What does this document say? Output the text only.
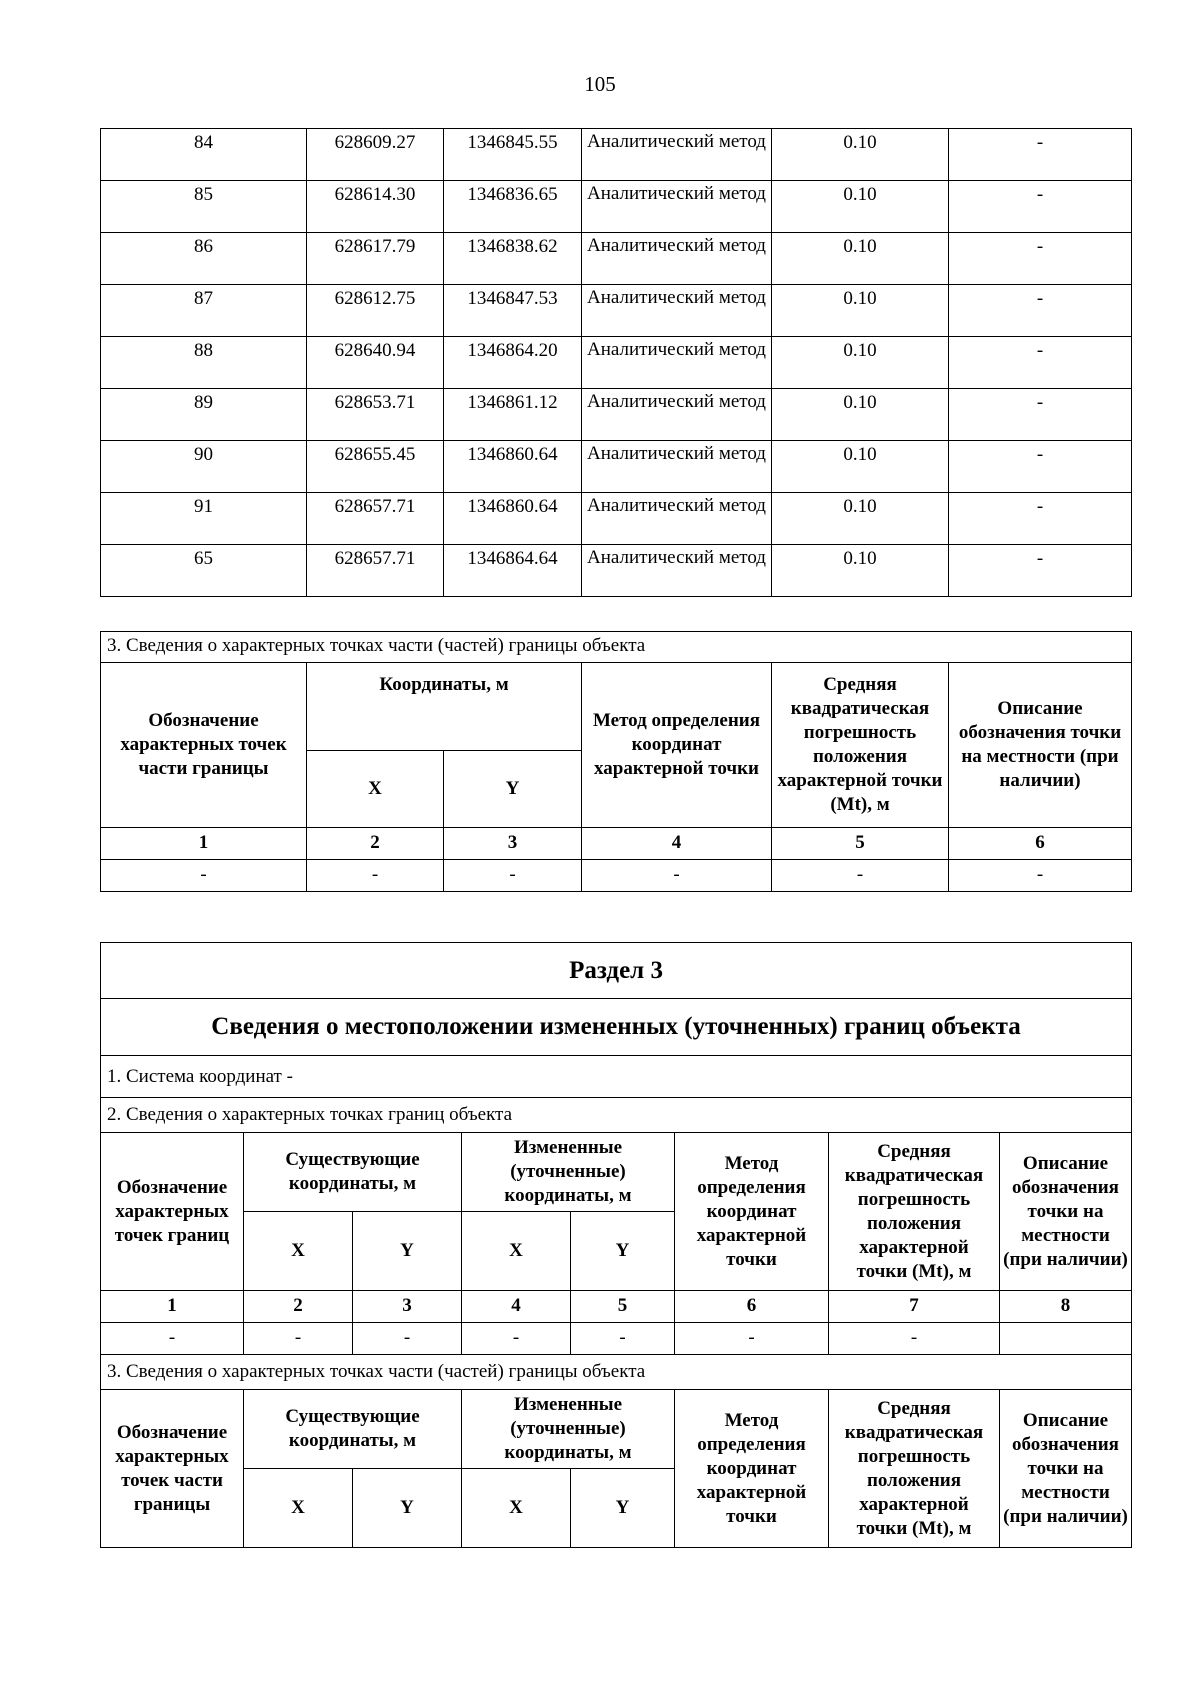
105
84	628609.27	1346845.55	Аналитический метод	0.10	-
85	628614.30	1346836.65	Аналитический метод	0.10	-
86	628617.79	1346838.62	Аналитический метод	0.10	-
87	628612.75	1346847.53	Аналитический метод	0.10	-
88	628640.94	1346864.20	Аналитический метод	0.10	-
89	628653.71	1346861.12	Аналитический метод	0.10	-
90	628655.45	1346860.64	Аналитический метод	0.10	-
91	628657.71	1346860.64	Аналитический метод	0.10	-
65	628657.71	1346864.64	Аналитический метод	0.10	-
3. Сведения о характерных точках части (частей) границы объекта					
Обозначение характерных точек части границы	Координаты, м		Метод определения координат характерной точки	Средняя квадратическая погрешность положения характерной точки (Mt), м	Описание обозначения точки на местности (при наличии)
	X	Y			
1	2	3	4	5	6
-	-	-	-	-	-
Раздел 3							
Сведения о местоположении измененных (уточненных) границ объекта							
1. Система координат -							
2. Сведения о характерных точках границ объекта							
Обозначение характерных точек границ	Существующие координаты, м		Измененные (уточненные) координаты, м		Метод определения координат характерной точки	Средняя квадратическая погрешность положения характерной точки (Mt), м	Описание обозначения точки на местности (при наличии)
	X	Y	X	Y			
1	2	3	4	5	6	7	8
-	-	-	-	-	-	-	
3. Сведения о характерных точках части (частей) границы объекта							
Обозначение характерных точек части границы	Существующие координаты, м		Измененные (уточненные) координаты, м		Метод определения координат характерной точки	Средняя квадратическая погрешность положения характерной точки (Mt), м	Описание обозначения точки на местности (при наличии)
	X	Y	X	Y			
